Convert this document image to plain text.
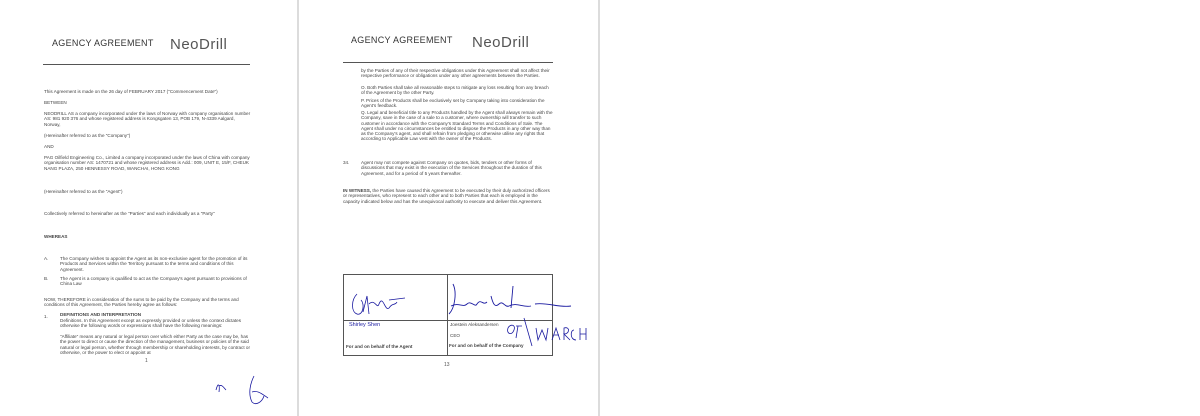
AGENCY AGREEMENT NeoDrill
This Agreement is made on the 26 day of FEBRUARY 2017 ("Commencement Date")
BETWEEN
NEODRILL AS a company incorporated under the laws of Norway with company organisation number AS: 981 920 376 and whose registered address is Kongsgaten 13, POB 179, N-4339 Aalgard, Norway,
(Hereinafter referred to as the "Company")
AND
PAG Oilfield Engineering Co., Limited a company incorporated under the laws of China with company organisation number AS: 1470721 and whose registered address is Add.: 009, UNIT E, 15/F, CHEUK NANG PLAZA, 250 HENNESSY ROAD, WANCHAI, HONG KONG
(Hereinafter referred to as the "Agent")
Collectively referred to hereinafter as the "Parties" and each individually as a "Party"
WHEREAS
A.	The Company wishes to appoint the Agent as its non-exclusive agent for the promotion of its Products and Services within the Territory pursuant to the terms and conditions of this Agreement.
B.	The Agent is a company is qualified to act as the Company's agent pursuant to provisions of China Law
NOW, THEREFORE in consideration of the sums to be paid by the Company and the terms and conditions of this Agreement, the Parties hereby agree as follows:
1.	DEFINITIONS AND INTERPRETATION
Definitions. In this Agreement except as expressly provided or unless the context dictates otherwise the following words or expressions shall have the following meanings:
"Affiliate" means any natural or legal person over which either Party as the case may be, has the power to direct or cause the direction of the management, business or policies of the said natural or legal person, whether through membership or shareholding interests, by contract or otherwise, or the power to elect or appoint at
1
AGENCY AGREEMENT NeoDrill
by the Parties of any of their respective obligations under this Agreement shall not affect their respective performance or obligations under any other agreements between the Parties.
O. Both Parties shall take all reasonable steps to mitigate any loss resulting from any breach of the Agreement by the other Party.
P. Prices of the Products shall be exclusively set by Company taking into consideration the Agent's feedback.
Q. Legal and beneficial title to any Products handled by the Agent shall always remain with the Company, save in the case of a sale to a customer, where ownership will transfer to such customer in accordance with the Company's Standard Terms and Conditions of Sale. The Agent shall under no circumstances be entitled to dispose the Products in any other way than as the Company's agent, and shall refrain from pledging or otherwise utilise any rights that according to Applicable Law vest with the owner of the Products.
34.	Agent may not compete against Company on quotes, bids, tenders or other forms of discussions that may exist in the execution of the Services throughout the duration of this Agreement, and for a period of 5 years thereafter.
IN WITNESS, the Parties have caused this Agreement to be executed by their duly authorized officers or representatives, who represent to each other and to both Parties that each is employed in the capacity indicated below and has the unequivocal authority to execute and deliver this Agreement.
Shirley Shen	Joestein Aleksandersen
CEO
For and on behalf of the Agent	For and on behalf of the Company
13
